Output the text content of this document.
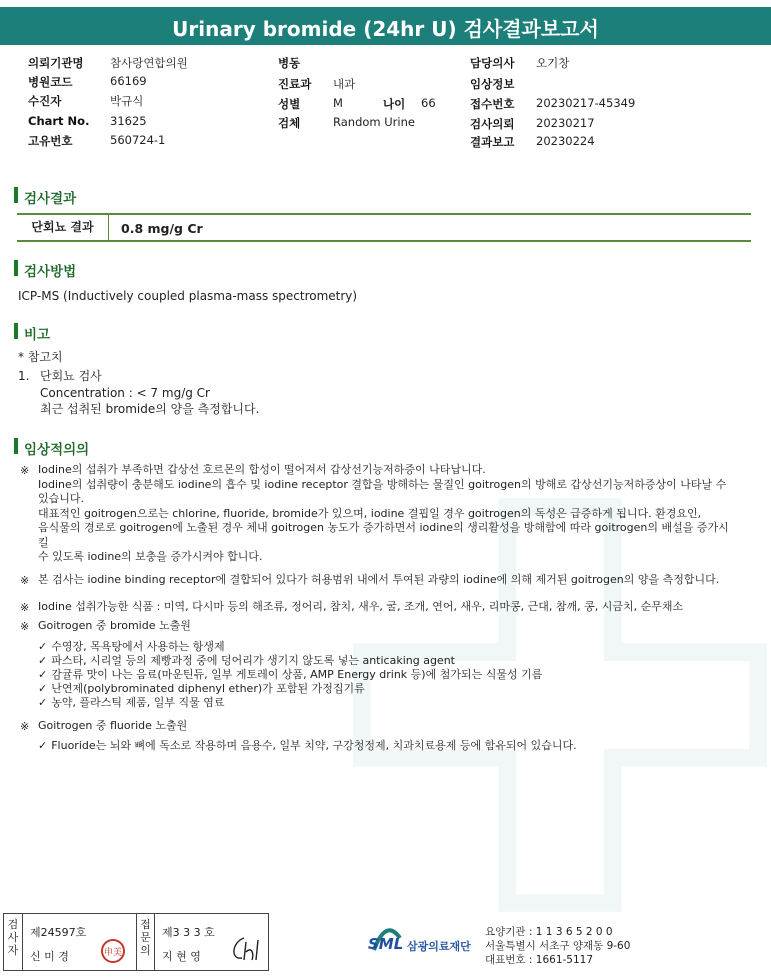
Urinary bromide (24hr U) 검사결과보고서
의뢰기관명 참사랑연합의원
병원코드	66169
수진자	박규식
Chart No. 31625
고유번호	560724-1
병동
진료과 내과
성별	M	나이 66
검체	Random Urine
담당의사 오기창
임상정보
접수번호 20230217-45349
검사의뢰 20230217
결과보고 20230224
검사결과
단회뇨 결과	0.8 mg/g Cr
검사방법
ICP-MS (Inductively coupled plasma-mass spectrometry)
비고
* 참고치
1. 단회뇨 검사
Concentration : < 7 mg/g Cr
최근 섭취된 bromide의 양을 측정합니다.
임상적의의
※ Iodine의 섭취가 부족하면 갑상선 호르몬의 합성이 떨어져서 갑상선기능저하증이 나타납니다.
Iodine의 섭취량이 충분해도 iodine의 흡수 및 iodine receptor 결합을 방해하는 물질인 goitrogen의 방해로 갑상선기능저하증상이 나타날 수
있습니다.
대표적인 goitrogen으로는 chlorine, fluoride, bromide가 있으며, iodine 결핍일 경우 goitrogen의 독성은 급증하게 됩니다. 환경요인,
음식물의 경로로 goitrogen에 노출된 경우 체내 goitrogen 농도가 증가하면서 iodine의 생리활성을 방해함에 따라 goitrogen의 배설을 증가시킬
수 있도록 iodine의 보충을 증가시켜야 합니다.
※ 본 검사는 iodine binding receptor에 결합되어 있다가 허용범위 내에서 투여된 과량의 iodine에 의해 제거된 goitrogen의 양을 측정합니다.
※ Iodine 섭취가능한 식품 : 미역, 다시마 등의 해조류, 정어리, 참치, 새우, 굴, 조개, 연어, 새우, 리마콩, 근대, 참깨, 콩, 시금치, 순무채소
※ Goitrogen 중 bromide 노출원
✓ 수영장, 목욕탕에서 사용하는 항생제
✓ 파스타, 시리얼 등의 제빵과정 중에 덩어리가 생기지 않도록 넣는 anticaking agent
✓ 감귤류 맛이 나는 음료(마운틴듀, 일부 게토레이 상품, AMP Energy drink 등)에 첨가되는 식물성 기름
✓ 난연제(polybrominated diphenyl ether)가 포함된 가정집기류
✓ 농약, 플라스틱 제품, 일부 직물 염료
※ Goitrogen 중 fluoride 노출원
✓ Fluoride는 뇌와 뼈에 독소로 작용하며 음용수, 일부 치약, 구강청정제, 치과치료용제 등에 함유되어 있습니다.
검
사
자
제24597호
신 미 경	申美
접
문
의
제3 3 3 호
지 현 영
SML 삼광의료재단
요양기관 : 1 1 3 6 5 2 0 0
서울특별시 서초구 양재동 9-60
대표번호 : 1661-5117
